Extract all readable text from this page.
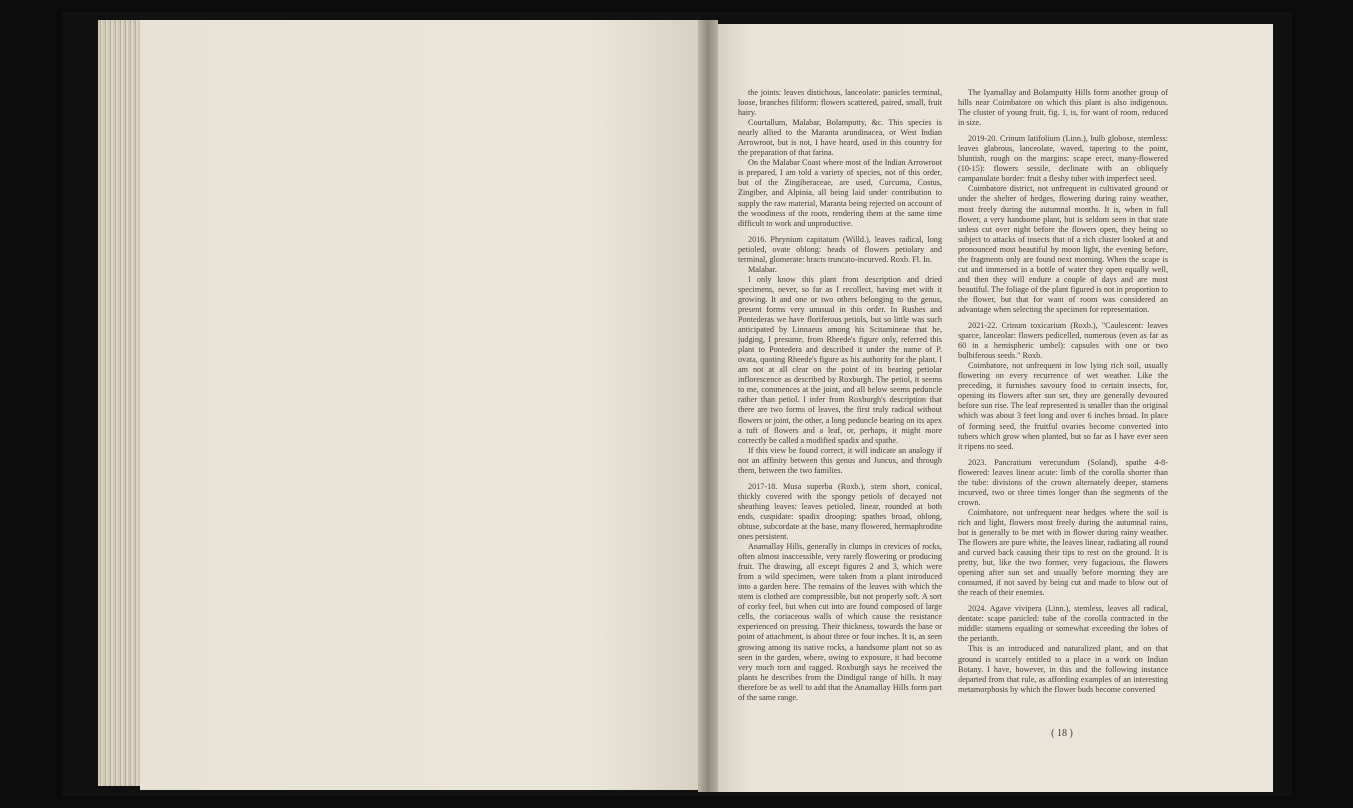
the joints: leaves distichous, lanceolate: panicles terminal, loose, branches filiform: flowers scattered, paired, small, fruit hairy.

Courtallum, Malabar, Bolamputty, &c. This species is nearly allied to the Maranta arundinacea, or West Indian Arrowroot, but is not, I have heard, used in this country for the preparation of that farina.

On the Malabar Coast where most of the Indian Arrowroot is prepared, I am told a variety of species, not of this order, but of the Zingiberaceae, are used, Curcuma, Costus, Zingiber, and Alpinia, all being laid under contribution to supply the raw material, Maranta being rejected on account of the woodiness of the roots, rendering them at the same time difficult to work and unproductive.

2016. Phrynium capitatum (Willd.), leaves radical, long petioled, ovate oblong: heads of flowers petiolary and terminal, glomerate: bracts truncato-incurved. Roxb. Fl. In.

Malabar.

I only know this plant from description and dried specimens, never, so far as I recollect, having met with it growing. It and one or two others belonging to the genus, present forms very unusual in this order. In Rushes and Pontederas we have floriferous petiols, but so little was such anticipated by Linnaeus among his Scitamineae that he, judging, I presume, from Rheede's figure only, referred this plant to Pontedera and described it under the name of P. ovata, quoting Rheede's figure as his authority for the plant. I am not at all clear on the point of its bearing petiolar inflorescence as described by Roxburgh. The petiol, it seems to me, commences at the joint, and all below seems peduncle rather than petiol. I infer from Roxburgh's description that there are two forms of leaves, the first truly radical without flowers or joint, the other, a long peduncle bearing on its apex a tuft of flowers and a leaf, or, perhaps, it might more correctly be called a modified spadix and spathe.

If this view be found correct, it will indicate an analogy if not an affinity between this genus and Juncus, and through them, between the two families.

2017-18. Musa superba (Roxb.), stem short, conical, thickly covered with the spongy petiols of decayed not sheathing leaves: leaves petioled, linear, rounded at both ends, cuspidate: spadix drooping: spathes broad, oblong, obtuse, subcordate at the base, many flowered, hermaphrodite ones persistent.

Anamallay Hills, generally in clumps in crevices of rocks, often almost inaccessible, very rarely flowering or producing fruit. The drawing, all except figures 2 and 3, which were from a wild specimen, were taken from a plant introduced into a garden here. The remains of the leaves with which the stem is clothed are compressible, but not properly soft. A sort of corky feel, but when cut into are found composed of large cells, the coriaceous walls of which cause the resistance experienced on pressing. Their thickness, towards the base or point of attachment, is about three or four inches. It is, as seen growing among its native rocks, a handsome plant not so as seen in the garden, where, owing to exposure, it had become very much torn and ragged. Roxburgh says he received the plants he describes from the Dindigul range of hills. It may therefore be as well to add that the Anamallay Hills form part of the same range.

The Iyamallay and Bolamputty Hills form another group of hills near Coimbatore on which this plant is also indigenous. The cluster of young fruit, fig. 1, is, for want of room, reduced in size.

2019-20. Crinum latifolium (Linn.), bulb globose, stemless: leaves glabrous, lanceolate, waved, tapering to the point, bluntish, rough on the margins: scape erect, many-flowered (10-15): flowers sessile, declinate with an obliquely campanulate border: fruit a fleshy tuber with imperfect seed.

Coimbatore district, not unfrequent in cultivated ground or under the shelter of hedges, flowering during rainy weather, most freely during the autumnal months. It is, when in full flower, a very handsome plant, but is seldom seen in that state unless cut over night before the flowers open, they being so subject to attacks of insects that of a rich cluster looked at and pronounced most beautiful by moon light, the evening before, the fragments only are found next morning. When the scape is cut and immersed in a bottle of water they open equally well, and then they will endure a couple of days and are most beautiful. The foliage of the plant figured is not in proportion to the flower, but that for want of room was considered an advantage when selecting the specimen for representation.

2021-22. Crinum toxicarium (Roxb.), "Caulescent: leaves sparce, lanceolar: flowers pedicelled, numerous (even as far as 60 in a hemispheric umbel): capsules with one or two bulbiferous seeds." Roxb.

Coimbatore, not unfrequent in low lying rich soil, usually flowering on every recurrence of wet weather. Like the preceding, it furnishes savoury food to certain insects, for, opening its flowers after sun set, they are generally devoured before sun rise. The leaf represented is smaller than the original which was about 3 feet long and over 6 inches broad. In place of forming seed, the fruitful ovaries become converted into tubers which grow when planted, but so far as I have ever seen it ripens no seed.

2023. Pancratium verecundum (Soland), spathe 4-8-flowered: leaves linear acute: limb of the corolla shorter than the tube: divisions of the crown alternately deeper, stamens incurved, two or three times longer than the segments of the crown.

Coimbatore, not unfrequent near hedges where the soil is rich and light, flowers most freely during the autumnal rains, but is generally to be met with in flower during rainy weather. The flowers are pure white, the leaves linear, radiating all round and curved back causing their tips to rest on the ground. It is pretty, but, like the two former, very fugacious, the flowers opening after sun set and usually before morning they are consumed, if not saved by being cut and made to blow out of the reach of their enemies.

2024. Agave vivipera (Linn.), stemless, leaves all radical, dentate: scape panicled: tube of the corolla contracted in the middle: stamens equaling or somewhat exceeding the lobes of the perianth.

This is an introduced and naturalized plant, and on that ground is scarcely entitled to a place in a work on Indian Botany. I have, however, in this and the following instance departed from that rule, as affording examples of an interesting metamorphosis by which the flower buds become converted

( 18 )
